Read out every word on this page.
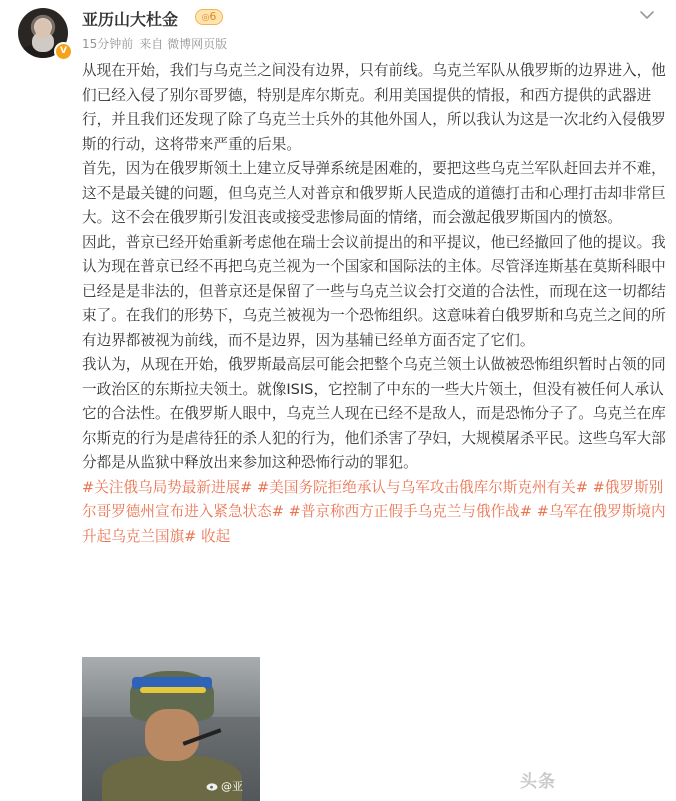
V
亚历山大杜金	◎6
15分钟前 来自 微博网页版

从现在开始，我们与乌克兰之间没有边界，只有前线。乌克兰军队从俄罗斯的边界进入，他们已经入侵了别尔哥罗德，特别是库尔斯克。利用美国提供的情报，和西方提供的武器进行，并且我们还发现了除了乌克兰士兵外的其他外国人，所以我认为这是一次北约入侵俄罗斯的行动，这将带来严重的后果。

首先，因为在俄罗斯领土上建立反导弹系统是困难的，要把这些乌克兰军队赶回去并不难，这不是最关键的问题，但乌克兰人对普京和俄罗斯人民造成的道德打击和心理打击却非常巨大。这不会在俄罗斯引发沮丧或接受悲惨局面的情绪，而会激起俄罗斯国内的愤怒。

因此，普京已经开始重新考虑他在瑞士会议前提出的和平提议，他已经撤回了他的提议。我认为现在普京已经不再把乌克兰视为一个国家和国际法的主体。尽管泽连斯基在莫斯科眼中已经是是非法的，但普京还是保留了一些与乌克兰议会打交道的合法性，而现在这一切都结束了。在我们的形势下，乌克兰被视为一个恐怖组织。这意味着白俄罗斯和乌克兰之间的所有边界都被视为前线，而不是边界，因为基辅已经单方面否定了它们。

我认为，从现在开始，俄罗斯最高层可能会把整个乌克兰领土认做被恐怖组织暂时占领的同一政治区的东斯拉夫领土。就像ISIS，它控制了中东的一些大片领土，但没有被任何人承认它的合法性。在俄罗斯人眼中，乌克兰人现在已经不是敌人，而是恐怖分子了。乌克兰在库尔斯克的行为是虐待狂的杀人犯的行为，他们杀害了孕妇，大规模屠杀平民。这些乌军大部分都是从监狱中释放出来参加这种恐怖行动的罪犯。

#关注俄乌局势最新进展# #美国务院拒绝承认与乌军攻击俄库尔斯克州有关# #俄罗斯别尔哥罗德州宣布进入紧急状态# #普京称西方正假手乌克兰与俄作战# #乌军在俄罗斯境内升起乌克兰国旗# 收起

@亚	头条
